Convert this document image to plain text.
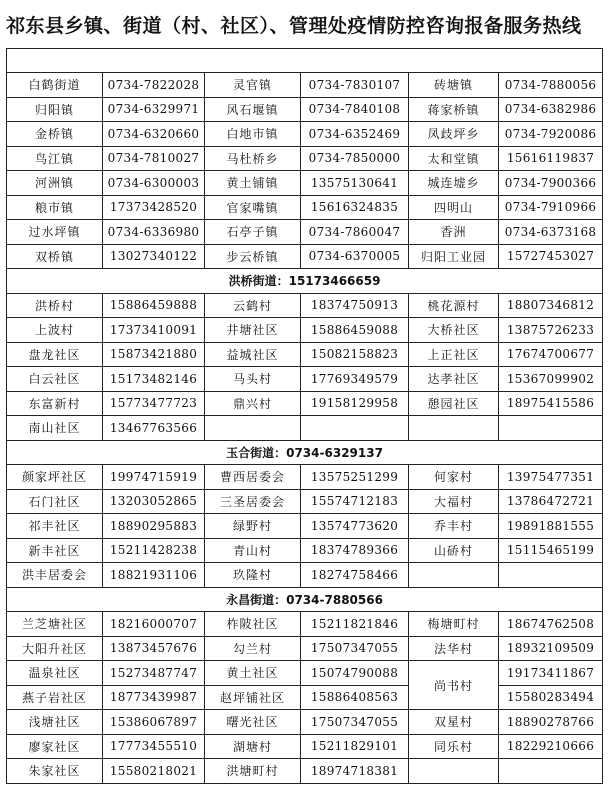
祁东县乡镇、街道（村、社区）、管理处疫情防控咨询报备服务热线

白鹤街道	0734-7822028	灵官镇	0734-7830107	砖塘镇	0734-7880056
归阳镇	0734-6329971	风石堰镇	0734-7840108	蒋家桥镇	0734-6382986
金桥镇	0734-6320660	白地市镇	0734-6352469	凤歧坪乡	0734-7920086
鸟江镇	0734-7810027	马杜桥乡	0734-7850000	太和堂镇	15616119837
河洲镇	0734-6300003	黄土铺镇	13575130641	城连墟乡	0734-7900366
粮市镇	17373428520	官家嘴镇	15616324835	四明山	0734-7910966
过水坪镇	0734-6336980	石亭子镇	0734-7860047	香洲	0734-6373168
双桥镇	13027340122	步云桥镇	0734-6370005	归阳工业园	15727453027
洪桥街道：15173466659					
洪桥村	15886459888	云鹤村	18374750913	桃花源村	18807346812
上波村	17373410091	井塘社区	15886459088	大桥社区	13875726233
盘龙社区	15873421880	益城社区	15082158823	上正社区	17674700677
白云社区	15173482146	马头村	17769349579	达孝社区	15367099902
东富新村	15773477723	鼎兴村	19158129958	憩园社区	18975415586
南山社区	13467763566				
玉合街道：0734-6329137					
颜家坪社区	19974715919	曹西居委会	13575251299	何家村	13975477351
石门社区	13203052865	三圣居委会	15574712183	大福村	13786472721
祁丰社区	18890295883	绿野村	13574773620	乔丰村	19891881555
新丰社区	15211428238	青山村	18374789366	山硚村	15115465199
洪丰居委会	18821931106	玖隆村	18274758466		
永昌街道：0734-7880566					
兰芝塘社区	18216000707	柞陂社区	15211821846	梅塘町村	18674762508
大阳升社区	13873457676	勾兰村	17507347055	法华村	18932109509
温泉社区	15273487747	黄土社区	15074790088	尚书村	19173411867
燕子岩社区	18773439987	赵坪铺社区	15886408563		15580283494
浅塘社区	15386067897	曙光社区	17507347055	双星村	18890278766
廖家社区	17773455510	湖塘村	15211829101	同乐村	18229210666
朱家社区	15580218021	洪塘町村	18974718381		
